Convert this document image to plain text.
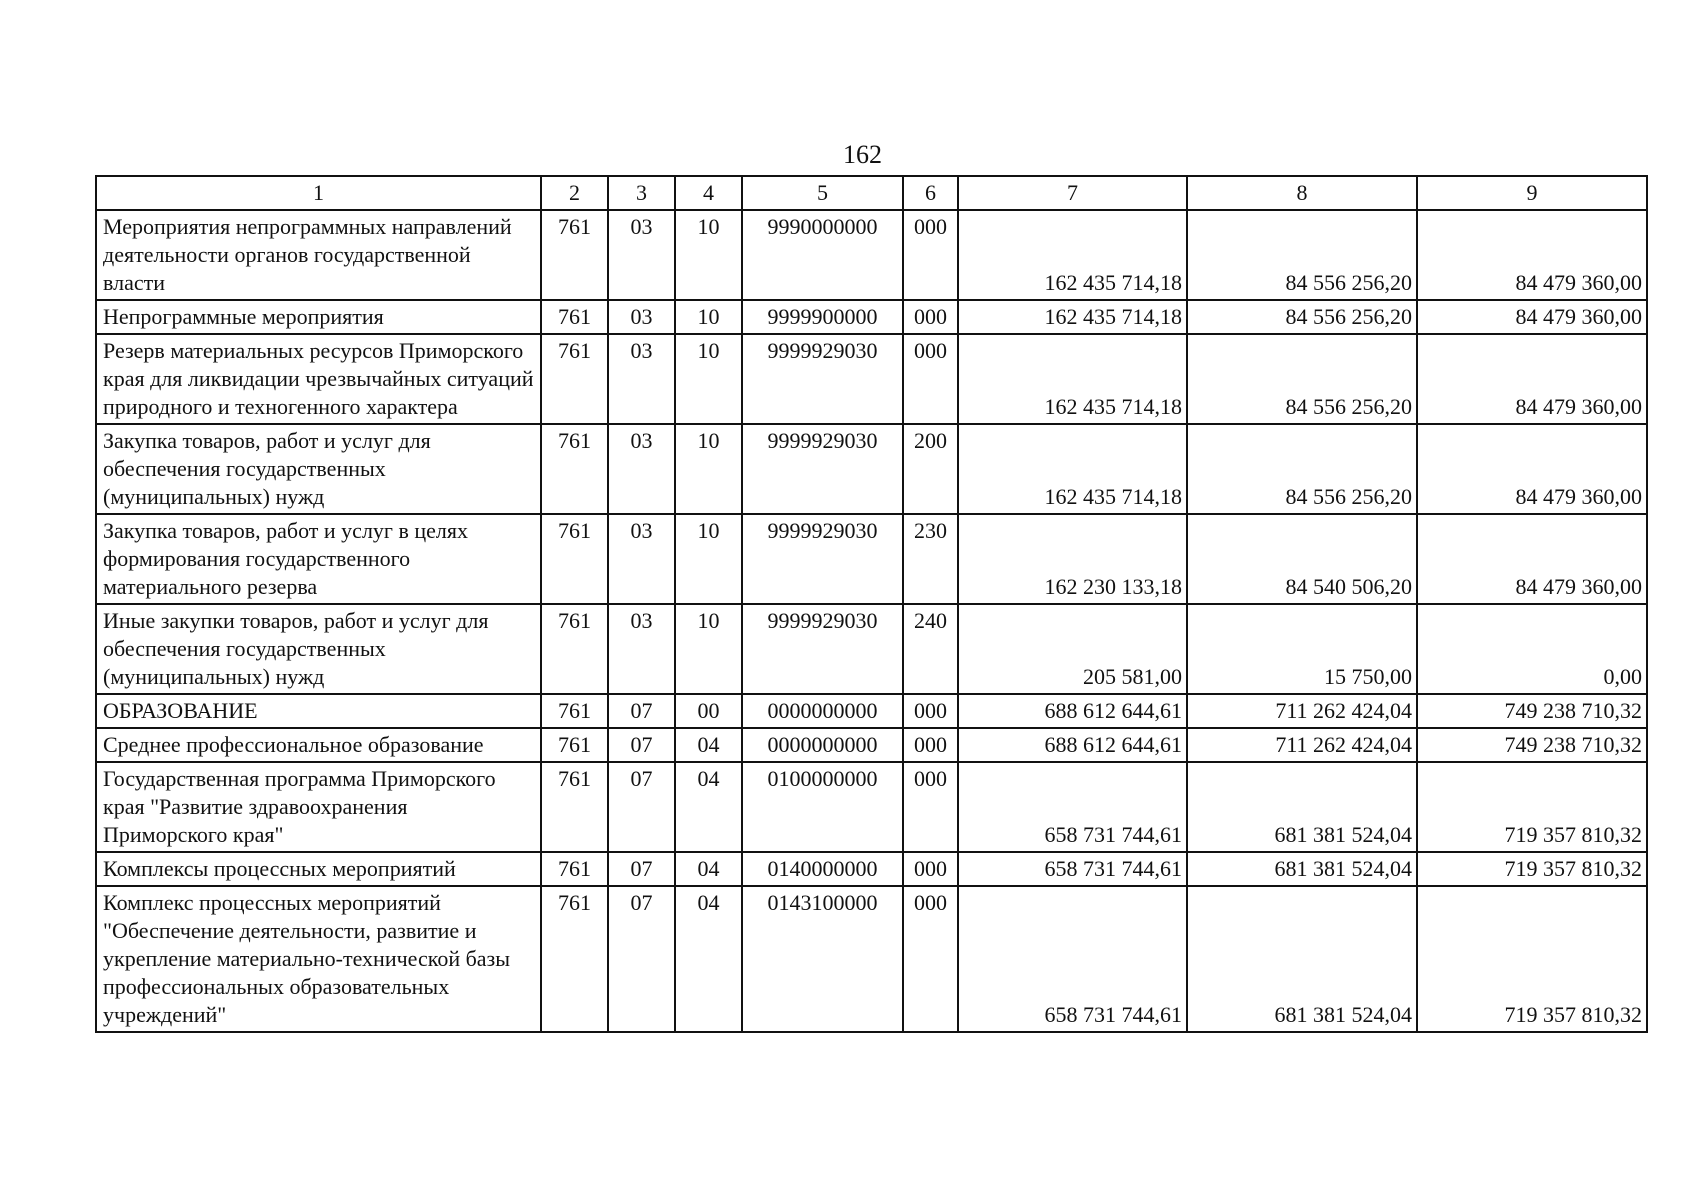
162
1	2	3	4	5	6	7	8	9
Мероприятия непрограммных направлений деятельности органов государственной власти	761	03	10	9990000000	000	162 435 714,18	84 556 256,20	84 479 360,00
Непрограммные мероприятия	761	03	10	9999900000	000	162 435 714,18	84 556 256,20	84 479 360,00
Резерв материальных ресурсов Приморского края для ликвидации чрезвычайных ситуаций природного и техногенного характера	761	03	10	9999929030	000	162 435 714,18	84 556 256,20	84 479 360,00
Закупка товаров, работ и услуг для обеспечения государственных (муниципальных) нужд	761	03	10	9999929030	200	162 435 714,18	84 556 256,20	84 479 360,00
Закупка товаров, работ и услуг в целях формирования государственного материального резерва	761	03	10	9999929030	230	162 230 133,18	84 540 506,20	84 479 360,00
Иные закупки товаров, работ и услуг для обеспечения государственных (муниципальных) нужд	761	03	10	9999929030	240	205 581,00	15 750,00	0,00
ОБРАЗОВАНИЕ	761	07	00	0000000000	000	688 612 644,61	711 262 424,04	749 238 710,32
Среднее профессиональное образование	761	07	04	0000000000	000	688 612 644,61	711 262 424,04	749 238 710,32
Государственная программа Приморского края "Развитие здравоохранения Приморского края"	761	07	04	0100000000	000	658 731 744,61	681 381 524,04	719 357 810,32
Комплексы процессных мероприятий	761	07	04	0140000000	000	658 731 744,61	681 381 524,04	719 357 810,32
Комплекс процессных мероприятий "Обеспечение деятельности, развитие и укрепление материально-технической базы профессиональных образовательных учреждений"	761	07	04	0143100000	000	658 731 744,61	681 381 524,04	719 357 810,32
